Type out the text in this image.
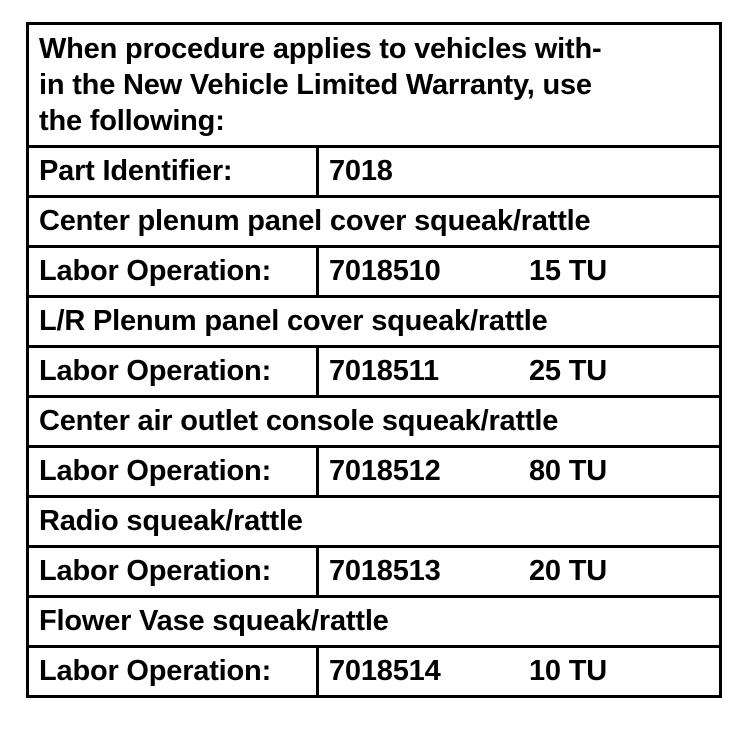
When procedure applies to vehicles with-
in the New Vehicle Limited Warranty, use
the following:
Part Identifier:	7018
Center plenum panel cover squeak/rattle
Labor Operation:	7018510	15 TU
L/R Plenum panel cover squeak/rattle
Labor Operation:	7018511	25 TU
Center air outlet console squeak/rattle
Labor Operation:	7018512	80 TU
Radio squeak/rattle
Labor Operation:	7018513	20 TU
Flower Vase squeak/rattle
Labor Operation:	7018514	10 TU
